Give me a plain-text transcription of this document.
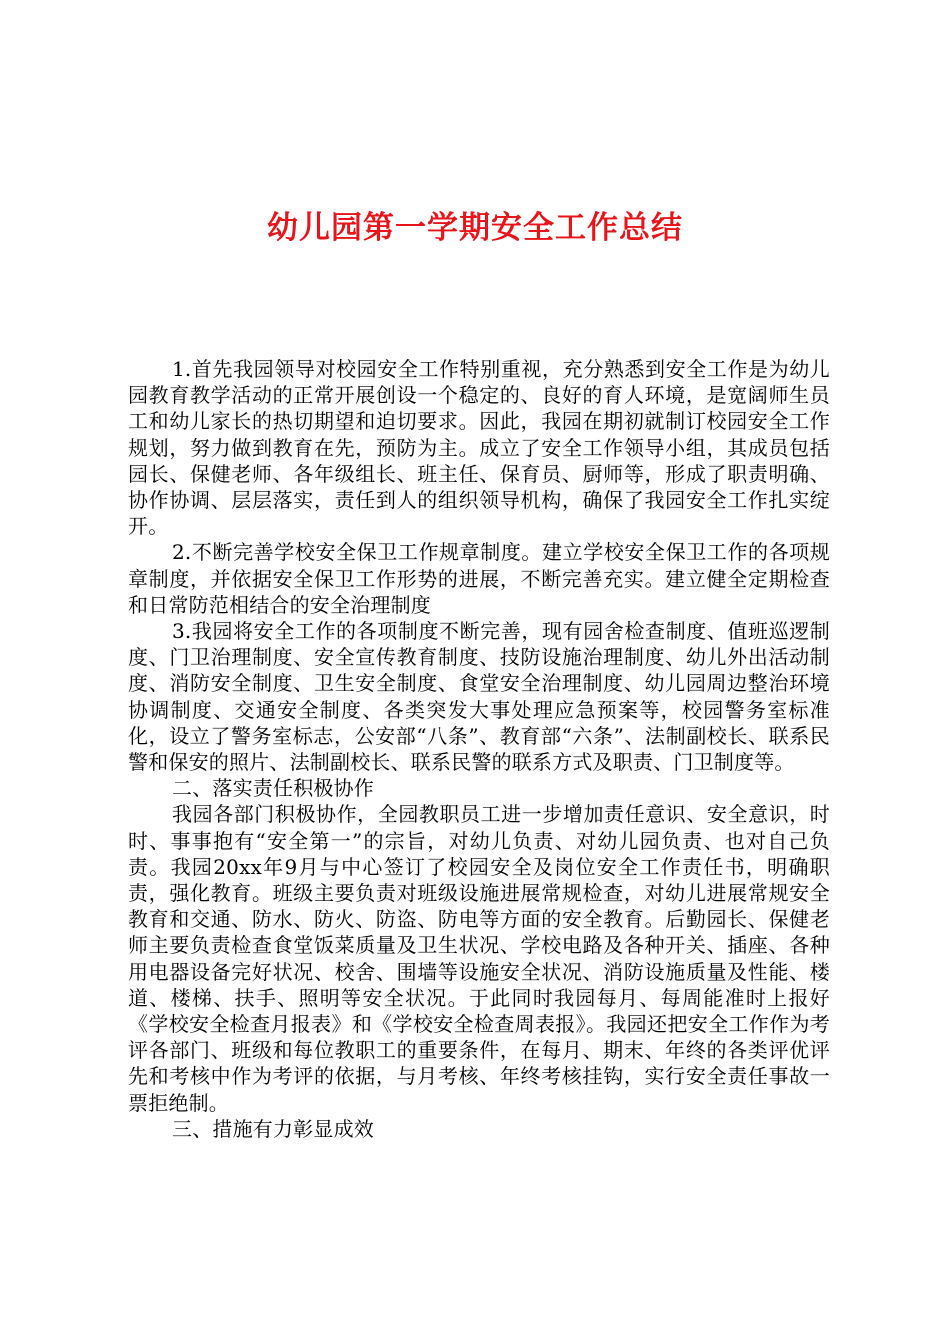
幼儿园第一学期安全工作总结

1.首先我园领导对校园安全工作特别重视，充分熟悉到安全工作是为幼儿园教育教学活动的正常开展创设一个稳定的、良好的育人环境，是宽阔师生员工和幼儿家长的热切期望和迫切要求。因此，我园在期初就制订校园安全工作规划，努力做到教育在先，预防为主。成立了安全工作领导小组，其成员包括园长、保健老师、各年级组长、班主任、保育员、厨师等，形成了职责明确、协作协调、层层落实，责任到人的组织领导机构，确保了我园安全工作扎实绽开。

2.不断完善学校安全保卫工作规章制度。建立学校安全保卫工作的各项规章制度，并依据安全保卫工作形势的进展，不断完善充实。建立健全定期检查和日常防范相结合的安全治理制度

3.我园将安全工作的各项制度不断完善，现有园舍检查制度、值班巡逻制度、门卫治理制度、安全宣传教育制度、技防设施治理制度、幼儿外出活动制度、消防安全制度、卫生安全制度、食堂安全治理制度、幼儿园周边整治环境协调制度、交通安全制度、各类突发大事处理应急预案等，校园警务室标准化，设立了警务室标志，公安部“八条”、教育部“六条”、法制副校长、联系民警和保安的照片、法制副校长、联系民警的联系方式及职责、门卫制度等。

二、落实责任积极协作

我园各部门积极协作，全园教职员工进一步增加责任意识、安全意识，时时、事事抱有“安全第一”的宗旨，对幼儿负责、对幼儿园负责、也对自己负责。我园20xx年9月与中心签订了校园安全及岗位安全工作责任书，明确职责，强化教育。班级主要负责对班级设施进展常规检查，对幼儿进展常规安全教育和交通、防水、防火、防盗、防电等方面的安全教育。后勤园长、保健老师主要负责检查食堂饭菜质量及卫生状况、学校电路及各种开关、插座、各种用电器设备完好状况、校舍、围墙等设施安全状况、消防设施质量及性能、楼道、楼梯、扶手、照明等安全状况。于此同时我园每月、每周能准时上报好《学校安全检查月报表》和《学校安全检查周表报》。我园还把安全工作作为考评各部门、班级和每位教职工的重要条件，在每月、期末、年终的各类评优评先和考核中作为考评的依据，与月考核、年终考核挂钩，实行安全责任事故一票拒绝制。

三、措施有力彰显成效
